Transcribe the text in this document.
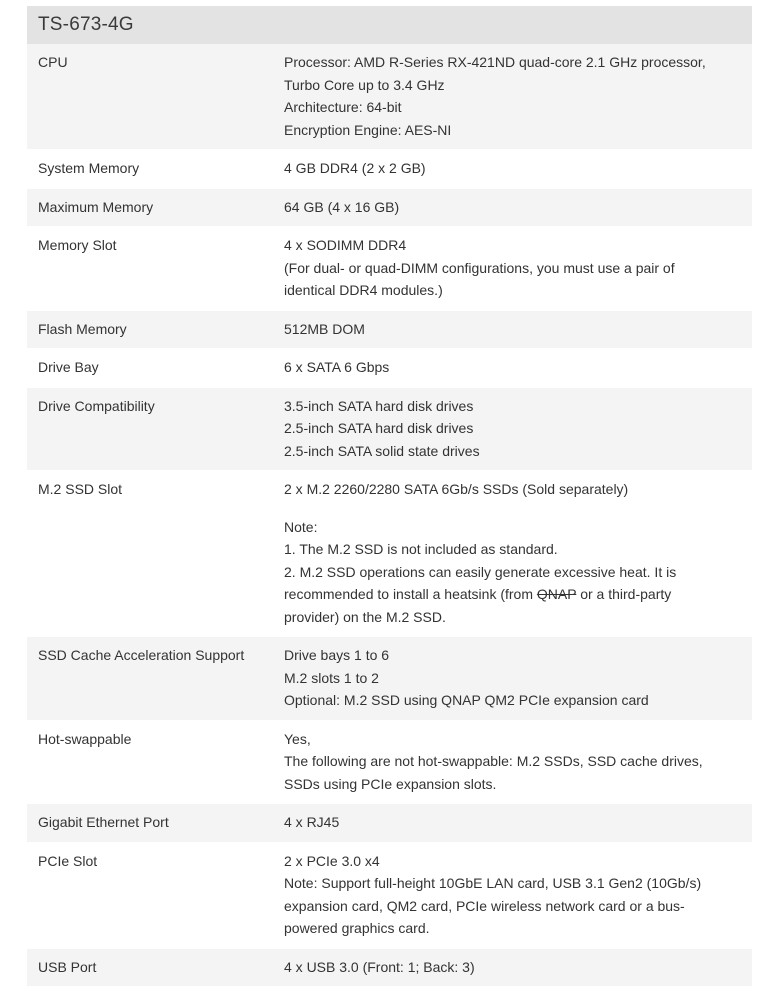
TS-673-4G
CPU	Processor: AMD R-Series RX-421ND quad-core 2.1 GHz processor,
Turbo Core up to 3.4 GHz
Architecture: 64-bit
Encryption Engine: AES-NI
System Memory	4 GB DDR4 (2 x 2 GB)
Maximum Memory	64 GB (4 x 16 GB)
Memory Slot	4 x SODIMM DDR4
(For dual- or quad-DIMM configurations, you must use a pair of
identical DDR4 modules.)
Flash Memory	512MB DOM
Drive Bay	6 x SATA 6 Gbps
Drive Compatibility	3.5-inch SATA hard disk drives
2.5-inch SATA hard disk drives
2.5-inch SATA solid state drives
M.2 SSD Slot	2 x M.2 2260/2280 SATA 6Gb/s SSDs (Sold separately)
Note:
1. The M.2 SSD is not included as standard.
2. M.2 SSD operations can easily generate excessive heat. It is
recommended to install a heatsink (from QNAP or a third-party
provider) on the M.2 SSD.
SSD Cache Acceleration Support	Drive bays 1 to 6
M.2 slots 1 to 2
Optional: M.2 SSD using QNAP QM2 PCIe expansion card
Hot-swappable	Yes,
The following are not hot-swappable: M.2 SSDs, SSD cache drives,
SSDs using PCIe expansion slots.
Gigabit Ethernet Port	4 x RJ45
PCIe Slot	2 x PCIe 3.0 x4
Note: Support full-height 10GbE LAN card, USB 3.1 Gen2 (10Gb/s)
expansion card, QM2 card, PCIe wireless network card or a bus-
powered graphics card.
USB Port	4 x USB 3.0 (Front: 1; Back: 3)
